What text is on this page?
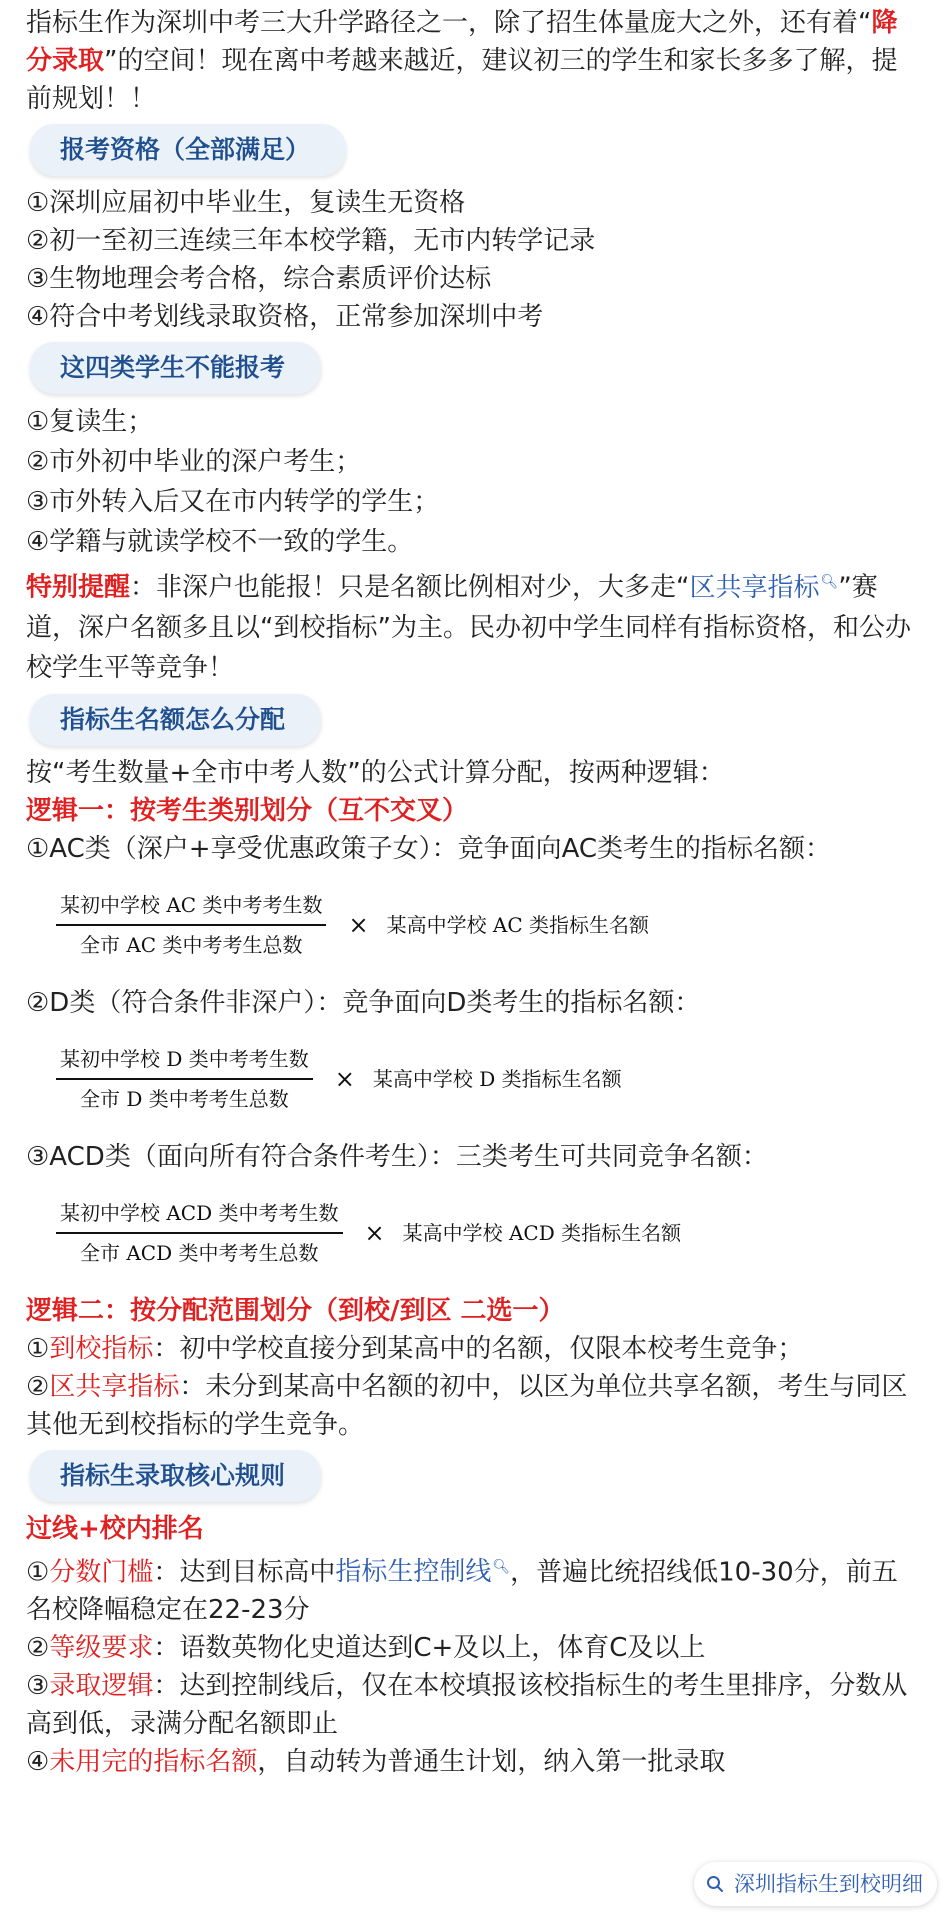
指标生作为深圳中考三大升学路径之一，除了招生体量庞大之外，还有着“降分录取”的空间！现在离中考越来越近，建议初三的学生和家长多多了解，提前规划！！

报考资格（全部满足）

①深圳应届初中毕业生，复读生无资格

②初一至初三连续三年本校学籍，无市内转学记录

③生物地理会考合格，综合素质评价达标

④符合中考划线录取资格，正常参加深圳中考

这四类学生不能报考

①复读生；

②市外初中毕业的深户考生；

③市外转入后又在市内转学的学生；

④学籍与就读学校不一致的学生。

特别提醒：非深户也能报！只是名额比例相对少，大多走“区共享指标🔍︎”赛道，深户名额多且以“到校指标”为主。民办初中学生同样有指标资格，和公办校学生平等竞争！

指标生名额怎么分配

按“考生数量+全市中考人数”的公式计算分配，按两种逻辑：

逻辑一：按考生类别划分（互不交叉）

①AC类（深户+享受优惠政策子女）：竞争面向AC类考生的指标名额：

$\frac{\text{某初中学校 AC 类中考考生数}}{\text{全市 AC 类中考考生总数}}$ × 某高中学校 AC 类指标生名额

②D类（符合条件非深户）：竞争面向D类考生的指标名额：

$\frac{\text{某初中学校 D 类中考考生数}}{\text{全市 D 类中考考生总数}}$ × 某高中学校 D 类指标生名额

③ACD类（面向所有符合条件考生）：三类考生可共同竞争名额：

$\frac{\text{某初中学校 ACD 类中考考生数}}{\text{全市 ACD 类中考考生总数}}$ × 某高中学校 ACD 类指标生名额

逻辑二：按分配范围划分（到校/到区 二选一）

①到校指标：初中学校直接分到某高中的名额，仅限本校考生竞争；

②区共享指标：未分到某高中名额的初中，以区为单位共享名额，考生与同区其他无到校指标的学生竞争。

指标生录取核心规则

过线+校内排名

①分数门槛：达到目标高中指标生控制线🔍︎，普遍比统招线低10-30分，前五名校降幅稳定在22-23分

②等级要求：语数英物化史道达到C+及以上，体育C及以上

③录取逻辑：达到控制线后，仅在本校填报该校指标生的考生里排序，分数从高到低，录满分配名额即止

④未用完的指标名额，自动转为普通生计划，纳入第一批录取

深圳指标生到校明细
